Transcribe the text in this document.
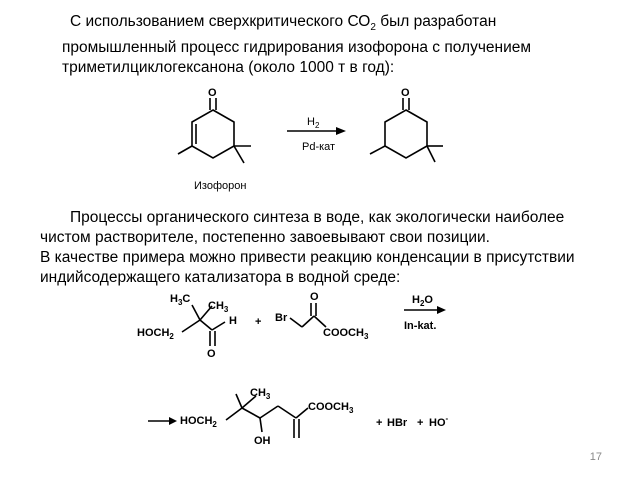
С использованием сверхкритического $СО_2$ был разработан
промышленный процесс гидрирования изофорона с получением
триметилциклогексанона (около 1000 т в год):

O
$H_2$
Pd-кат
O
Изофорон

Процессы органического синтеза в воде, как экологически наиболее
чистом растворителе, постепенно завоевывают свои позиции.
В качестве примера можно привести реакцию конденсации в присутствии
индийсодержащего катализатора в водной среде:

$H_3C$
$CH_3$
$HOCH_2$
H
O
+
O
Br
$COOCH_3$
$H_2O$
In-kat.
$CH_3$
$HOCH_2$
OH
$COOCH_3$
+ HBr + HO-
17
